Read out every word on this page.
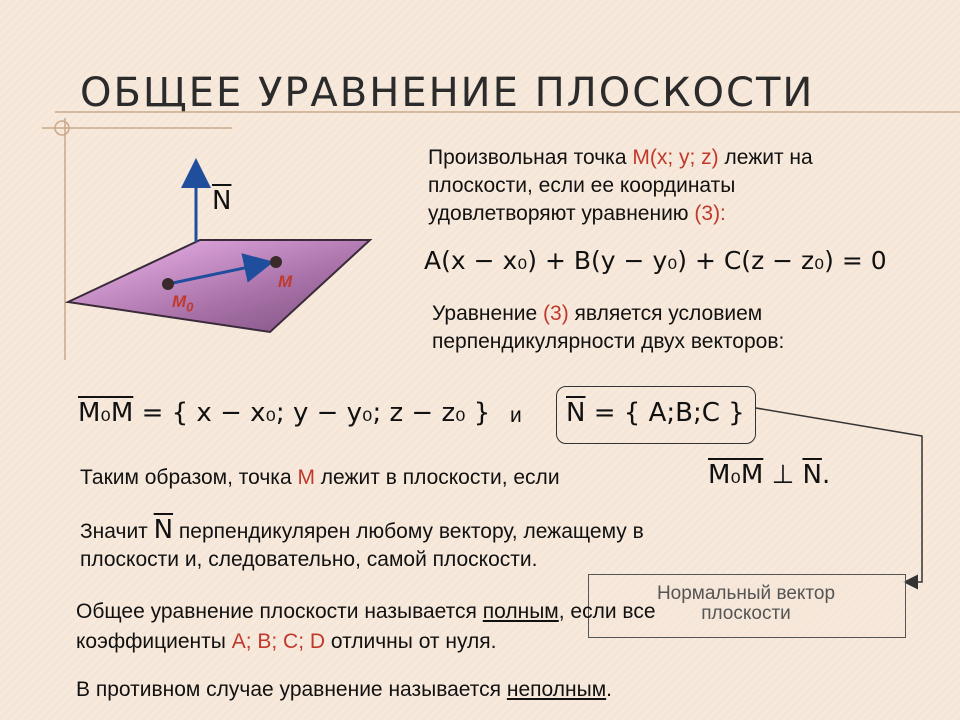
ОБЩЕЕ УРАВНЕНИЕ ПЛОСКОСТИ
$\overline{N}$
$M_0$
M
Произвольная точка M(x; y; z) лежит на
плоскости, если ее координаты
удовлетворяют уравнению (3):
A(x − x₀) + B(y − y₀) + C(z − z₀) = 0
Уравнение (3) является условием
перпендикулярности двух векторов:
M₀M = { x − x₀; y − y₀; z − z₀ } и $\overline{N}$ = { A;B;C }
Таким образом, точка M лежит в плоскости, если	M₀M ⊥ $\overline{N}$.
Значит $\overline{N}$ перпендикулярен любому вектору, лежащему в
плоскости и, следовательно, самой плоскости.
Нормальный вектор
плоскости
Общее уравнение плоскости называется полным, если все
коэффициенты A; B; C; D отличны от нуля.
В противном случае уравнение называется неполным.
